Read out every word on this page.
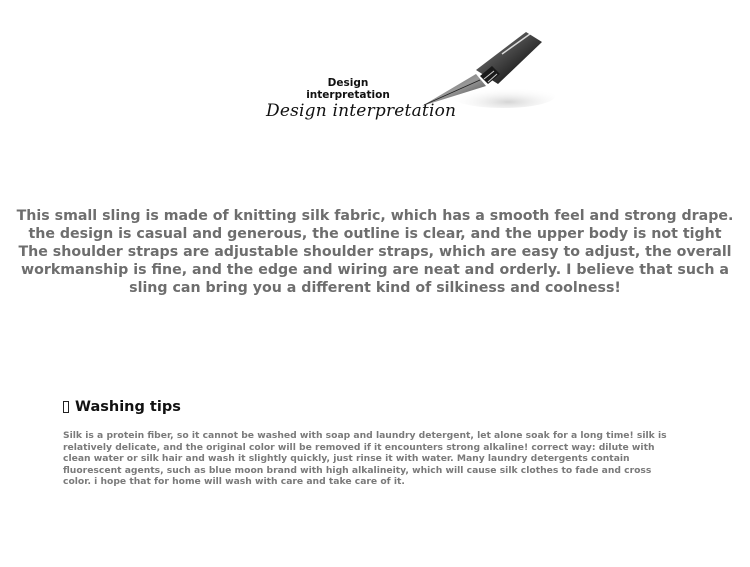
Design interpretation
Design interpretation

This small sling is made of knitting silk fabric, which has a smooth feel and strong drape. the design is casual and generous, the outline is clear, and the upper body is not tight The shoulder straps are adjustable shoulder straps, which are easy to adjust, the overall workmanship is fine, and the edge and wiring are neat and orderly. I believe that such a sling can bring you a different kind of silkiness and coolness!

Washing tips
Silk is a protein fiber, so it cannot be washed with soap and laundry detergent, let alone soak for a long time! silk is relatively delicate, and the original color will be removed if it encounters strong alkaline! correct way: dilute with clean water or silk hair and wash it slightly quickly, just rinse it with water. Many laundry detergents contain fluorescent agents, such as blue moon brand with high alkalineity, which will cause silk clothes to fade and cross color. i hope that for home will wash with care and take care of it.
